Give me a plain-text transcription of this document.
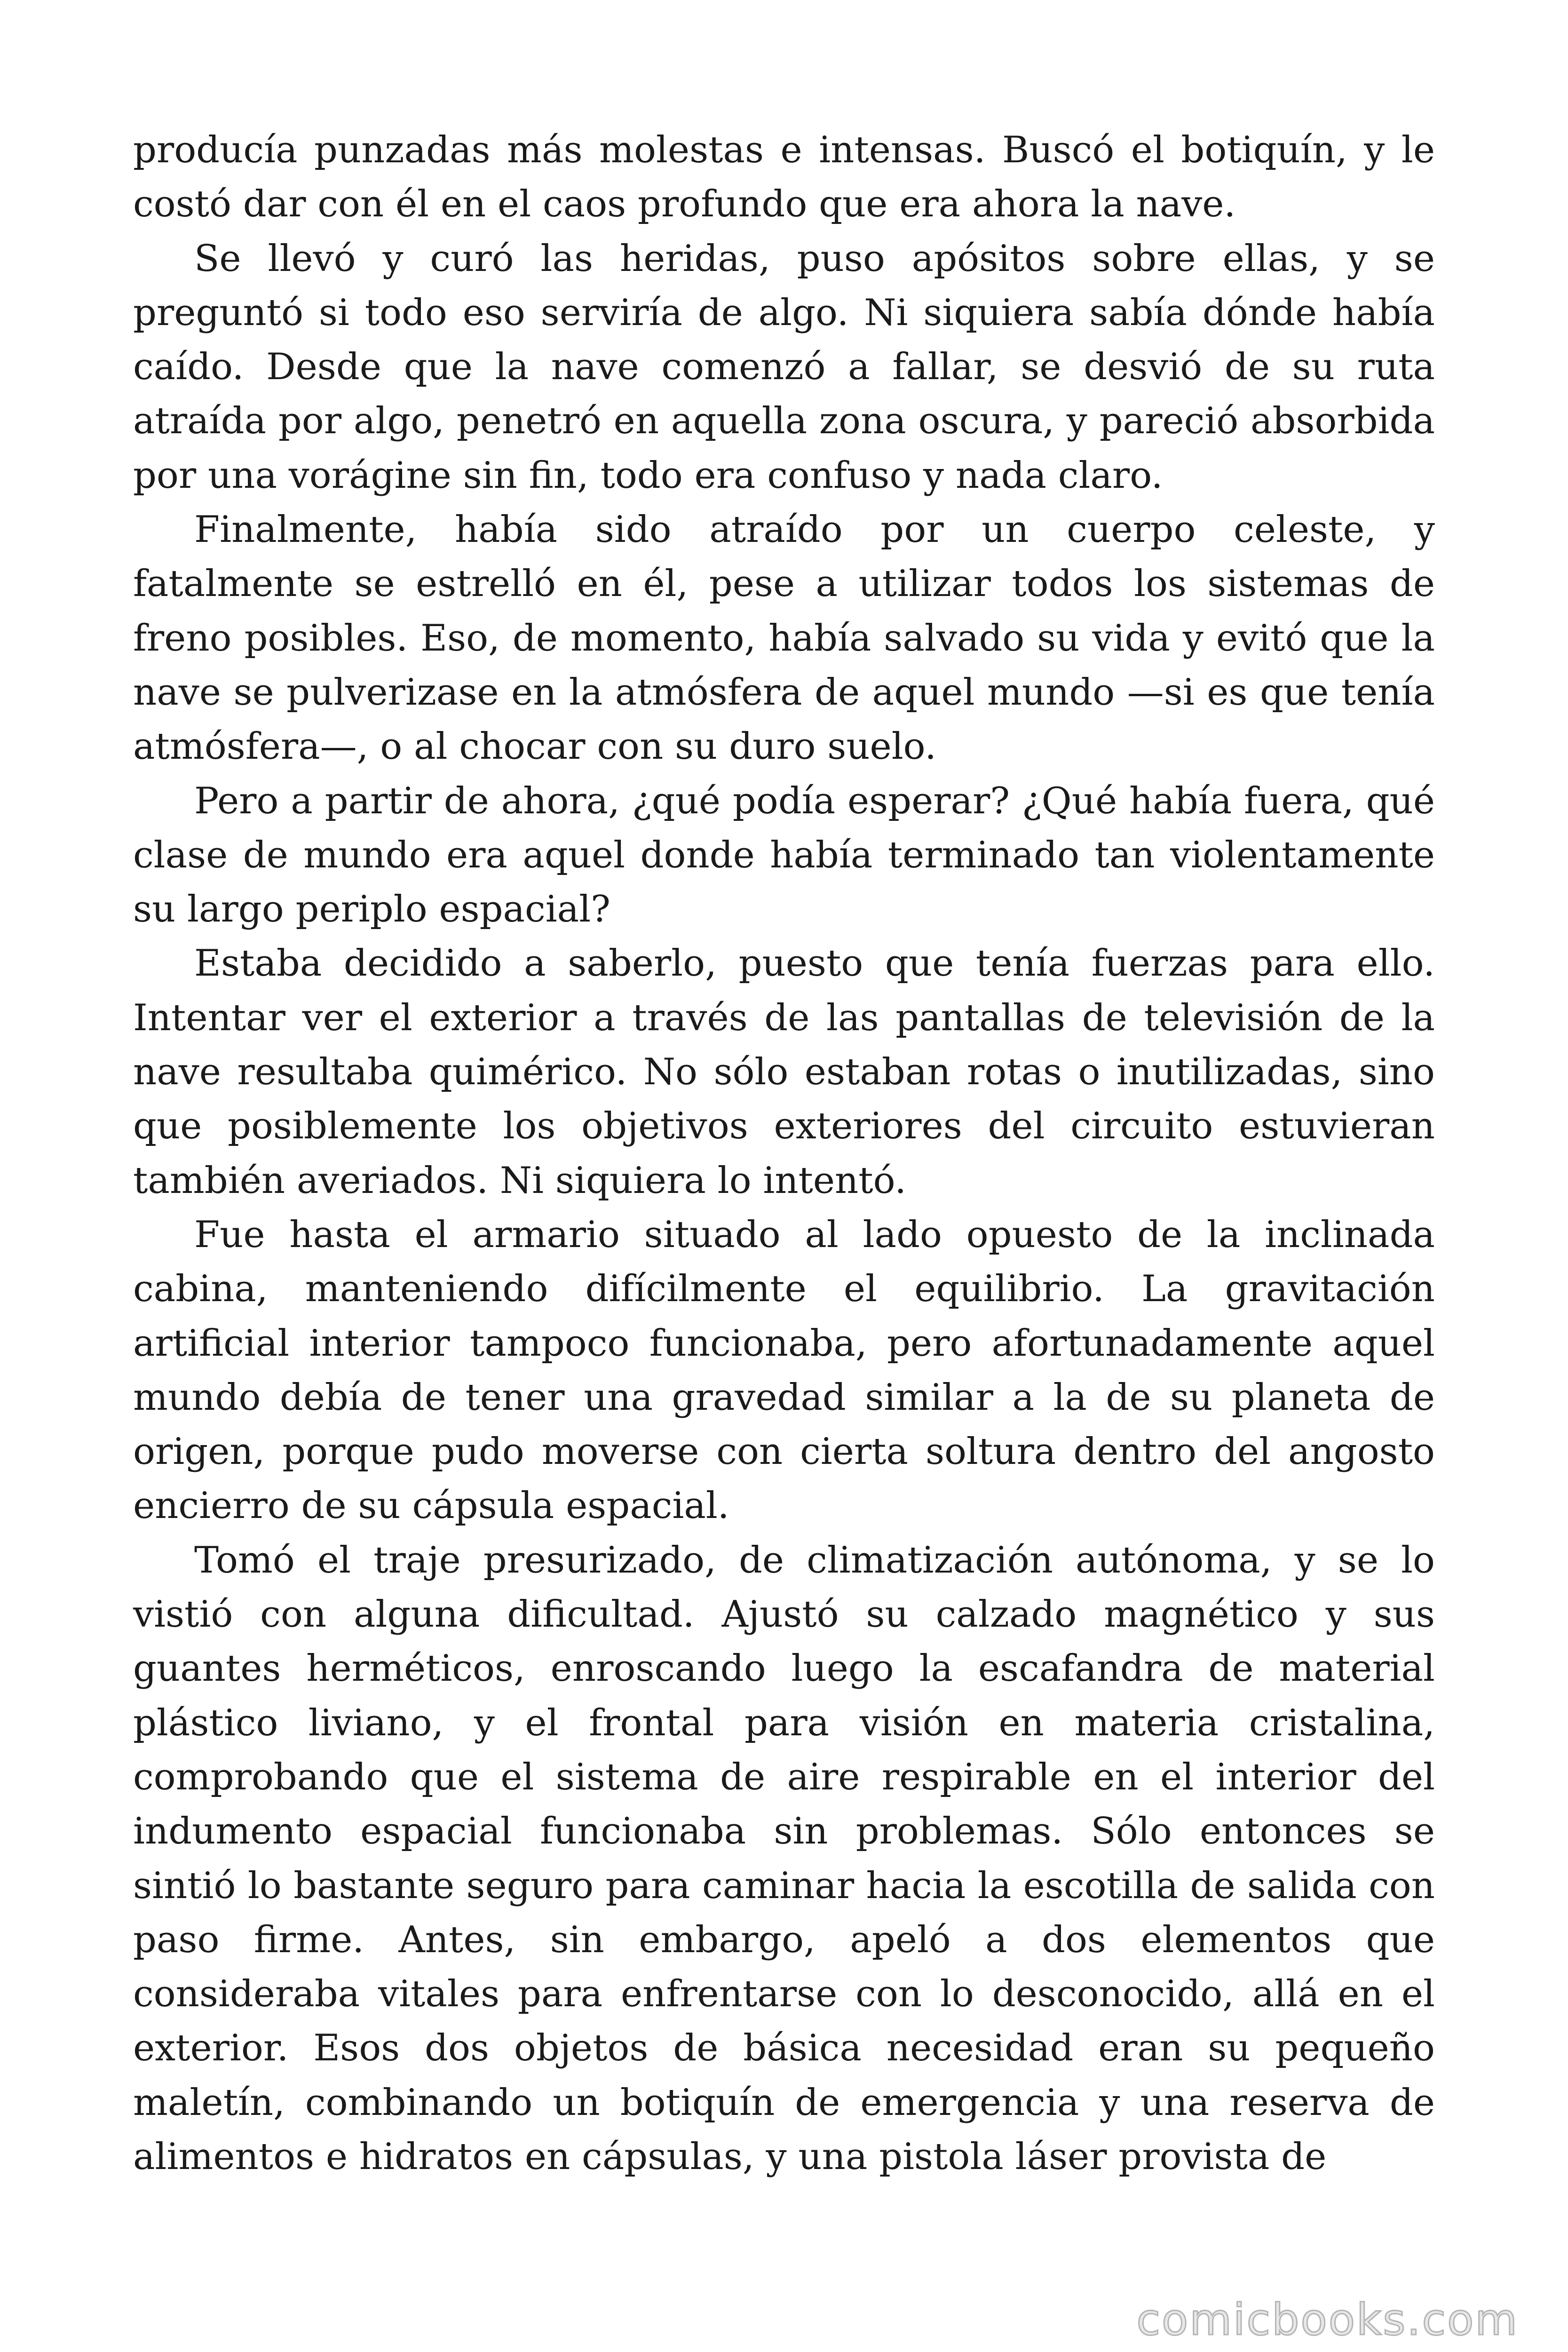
producía punzadas más molestas e intensas. Buscó el botiquín, y le costó dar con él en el caos profundo que era ahora la nave.

Se llevó y curó las heridas, puso apósitos sobre ellas, y se preguntó si todo eso serviría de algo. Ni siquiera sabía dónde había caído. Desde que la nave comenzó a fallar, se desvió de su ruta atraída por algo, penetró en aquella zona oscura, y pareció absorbida por una vorágine sin fin, todo era confuso y nada claro.

Finalmente, había sido atraído por un cuerpo celeste, y fatalmente se estrelló en él, pese a utilizar todos los sistemas de freno posibles. Eso, de momento, había salvado su vida y evitó que la nave se pulverizase en la atmósfera de aquel mundo —si es que tenía atmósfera—, o al chocar con su duro suelo.

Pero a partir de ahora, ¿qué podía esperar? ¿Qué había fuera, qué clase de mundo era aquel donde había terminado tan violentamente su largo periplo espacial?

Estaba decidido a saberlo, puesto que tenía fuerzas para ello. Intentar ver el exterior a través de las pantallas de televisión de la nave resultaba quimérico. No sólo estaban rotas o inutilizadas, sino que posiblemente los objetivos exteriores del circuito estuvieran también averiados. Ni siquiera lo intentó.

Fue hasta el armario situado al lado opuesto de la inclinada cabina, manteniendo difícilmente el equilibrio. La gravitación artificial interior tampoco funcionaba, pero afortunadamente aquel mundo debía de tener una gravedad similar a la de su planeta de origen, porque pudo moverse con cierta soltura dentro del angosto encierro de su cápsula espacial.

Tomó el traje presurizado, de climatización autónoma, y se lo vistió con alguna dificultad. Ajustó su calzado magnético y sus guantes herméticos, enroscando luego la escafandra de material plástico liviano, y el frontal para visión en materia cristalina, comprobando que el sistema de aire respirable en el interior del indumento espacial funcionaba sin problemas. Sólo entonces se sintió lo bastante seguro para caminar hacia la escotilla de salida con paso firme. Antes, sin embargo, apeló a dos elementos que consideraba vitales para enfrentarse con lo desconocido, allá en el exterior. Esos dos objetos de básica necesidad eran su pequeño maletín, combinando un botiquín de emergencia y una reserva de alimentos e hidratos en cápsulas, y una pistola láser provista de

comicbooks.com
